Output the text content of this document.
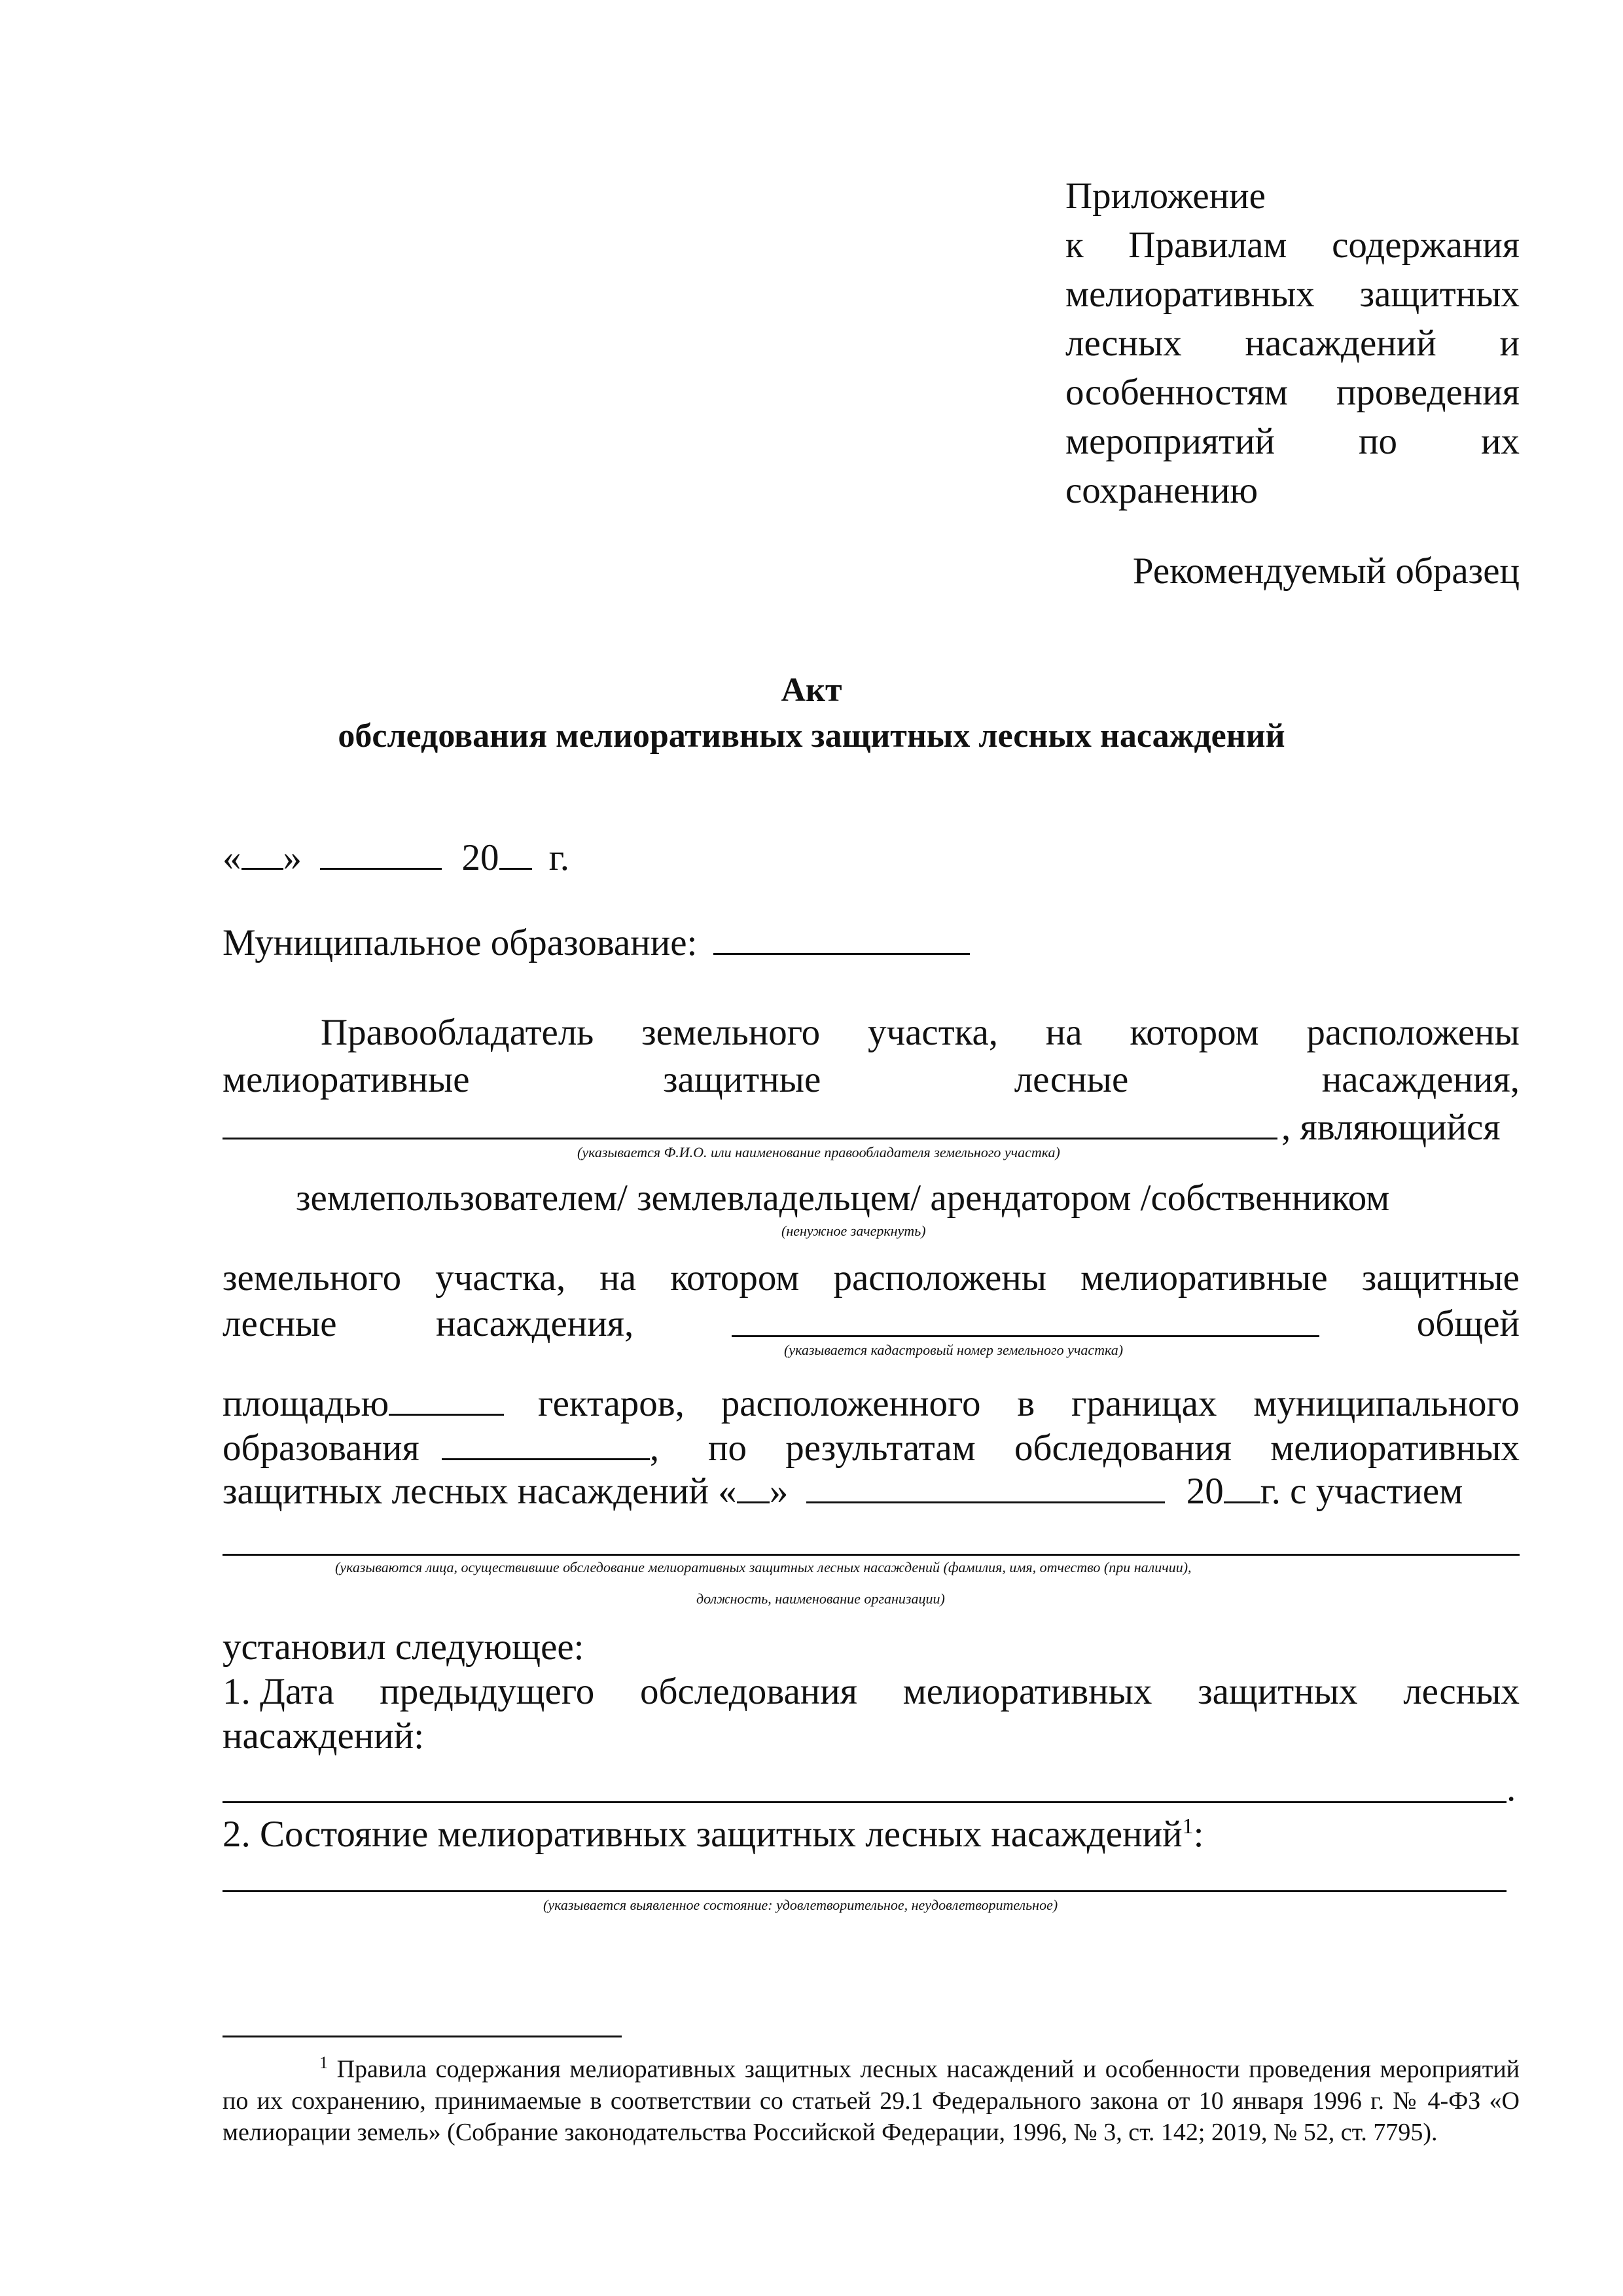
Приложение
к Правилам содержания
мелиоративных защитных
лесных насаждений и
особенностям проведения
мероприятий по их
сохранению
Рекомендуемый образец
Акт
обследования мелиоративных защитных лесных насаждений
« »	20 г.
Муниципальное образование:
Правообладатель земельного участка, на котором расположены
мелиоративные	защитные	лесные	насаждения,
, являющийся
(указывается Ф.И.О. или наименование правообладателя земельного участка)
землепользователем/ землевладельцем/ арендатором /собственником
(ненужное зачеркнуть)
земельного участка, на котором расположены мелиоративные защитные
лесные	насаждения,	общей
(указывается кадастровый номер земельного участка)
площадью	гектаров, расположенного в границах муниципального
образования	, по результатам обследования мелиоративных
защитных лесных насаждений « »	20 г. с участием
(указываются лица, осуществившие обследование мелиоративных защитных лесных насаждений (фамилия, имя, отчество (при наличии),
должность, наименование организации)
установил следующее:
1. Дата предыдущего обследования мелиоративных защитных лесных
насаждений:
.
2. Состояние мелиоративных защитных лесных насаждений$^1$:
(указывается выявленное состояние: удовлетворительное, неудовлетворительное)
$^1$ Правила содержания мелиоративных защитных лесных насаждений и особенности проведения мероприятий по их сохранению, принимаемые в соответствии со статьей 29.1 Федерального закона от 10 января 1996 г. № 4-ФЗ «О мелиорации земель» (Собрание законодательства Российской Федерации, 1996, № 3, ст. 142; 2019, № 52, ст. 7795).
